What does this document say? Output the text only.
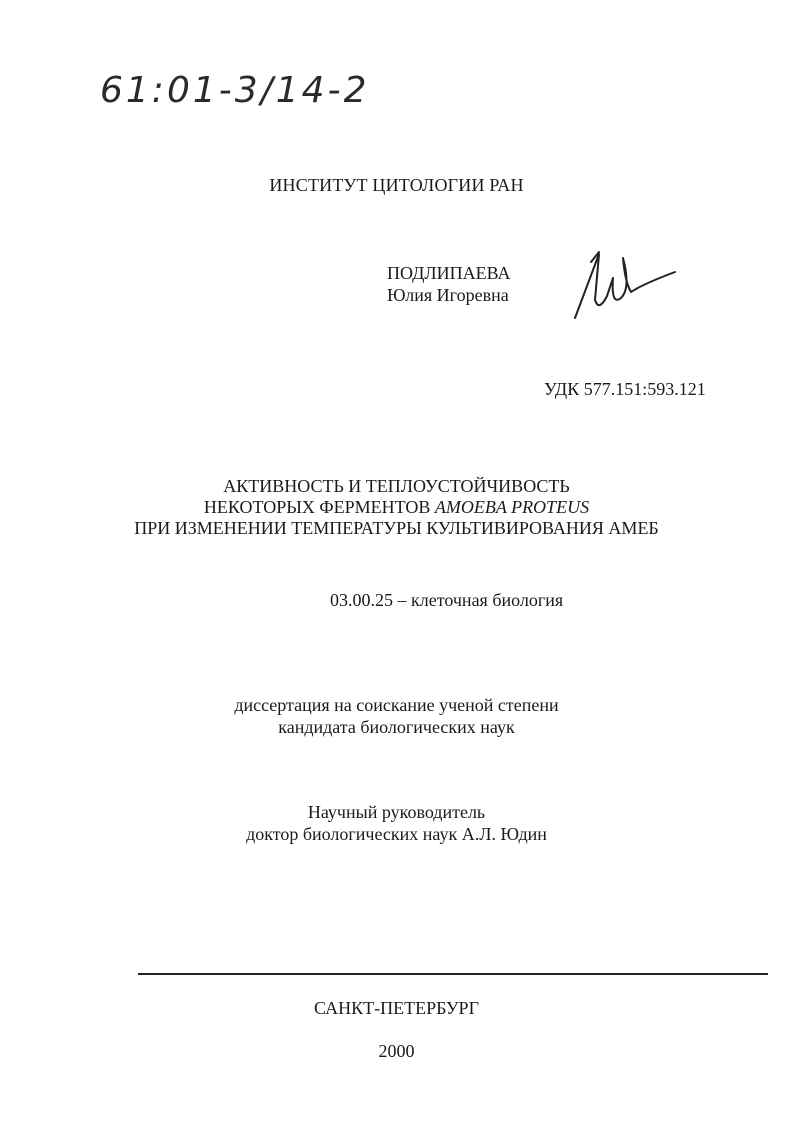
61:01-3/14-2
ИНСТИТУТ ЦИТОЛОГИИ РАН
ПОДЛИПАЕВА
Юлия Игоревна
УДК 577.151:593.121
АКТИВНОСТЬ И ТЕПЛОУСТОЙЧИВОСТЬ
НЕКОТОРЫХ ФЕРМЕНТОВ AMOEBA PROTEUS
ПРИ ИЗМЕНЕНИИ ТЕМПЕРАТУРЫ КУЛЬТИВИРОВАНИЯ АМЕБ
03.00.25 – клеточная биология
диссертация на соискание ученой степени
кандидата биологических наук
Научный руководитель
доктор биологических наук А.Л. Юдин
САНКТ-ПЕТЕРБУРГ
2000
